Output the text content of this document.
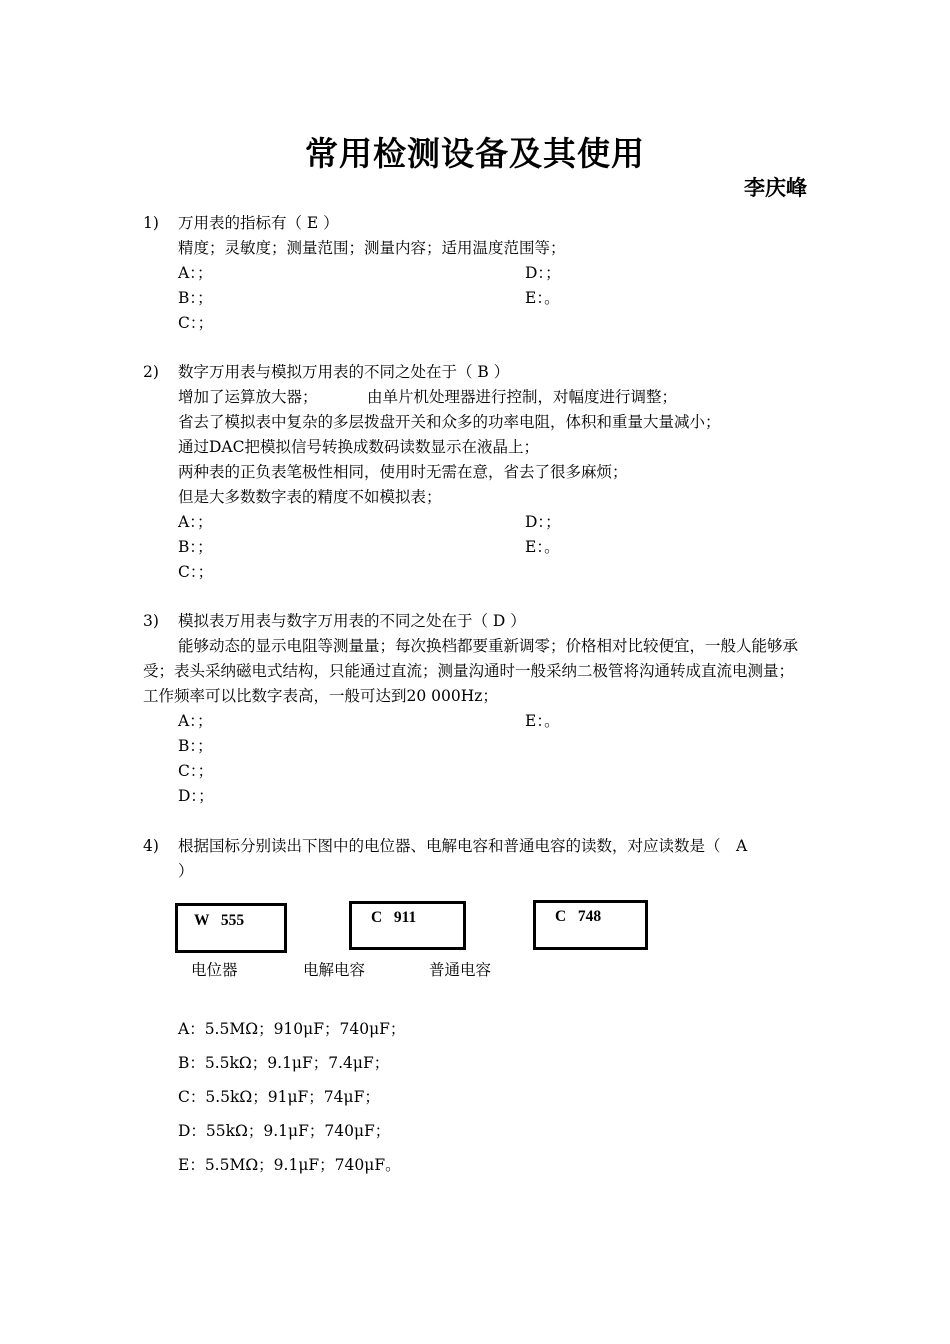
常用检测设备及其使用
李庆峰
1) 万用表的指标有（ E ）
精度；灵敏度；测量范围；测量内容；适用温度范围等；
A：；	D：；
B：；	E：。
C：；
2) 数字万用表与模拟万用表的不同之处在于（ B ）
增加了运算放大器；	由单片机处理器进行控制，对幅度进行调整；
省去了模拟表中复杂的多层拨盘开关和众多的功率电阻，体积和重量大量减小；
通过DAC把模拟信号转换成数码读数显示在液晶上；
两种表的正负表笔极性相同，使用时无需在意，省去了很多麻烦；
但是大多数数字表的精度不如模拟表；
A：；	D：；
B：；	E：。
C：；
3) 模拟表万用表与数字万用表的不同之处在于（ D ）
能够动态的显示电阻等测量量；每次换档都要重新调零；价格相对比较便宜，一般人能够承受；表头采纳磁电式结构，只能通过直流；测量沟通时一般采纳二极管将沟通转成直流电测量；工作频率可以比数字表高，一般可达到20 000Hz；
A：；	E：。
B：；
C：；
D：；
4) 根据国标分别读出下图中的电位器、电解电容和普通电容的读数，对应读数是（　A
）
W   555	C   911	C   748
电位器	电解电容	普通电容
A：5.5MΩ；910μF；740μF；
B：5.5kΩ；9.1μF；7.4μF；
C：5.5kΩ；91μF；74μF；
D：55kΩ；9.1μF；740μF；
E：5.5MΩ；9.1μF；740μF。
